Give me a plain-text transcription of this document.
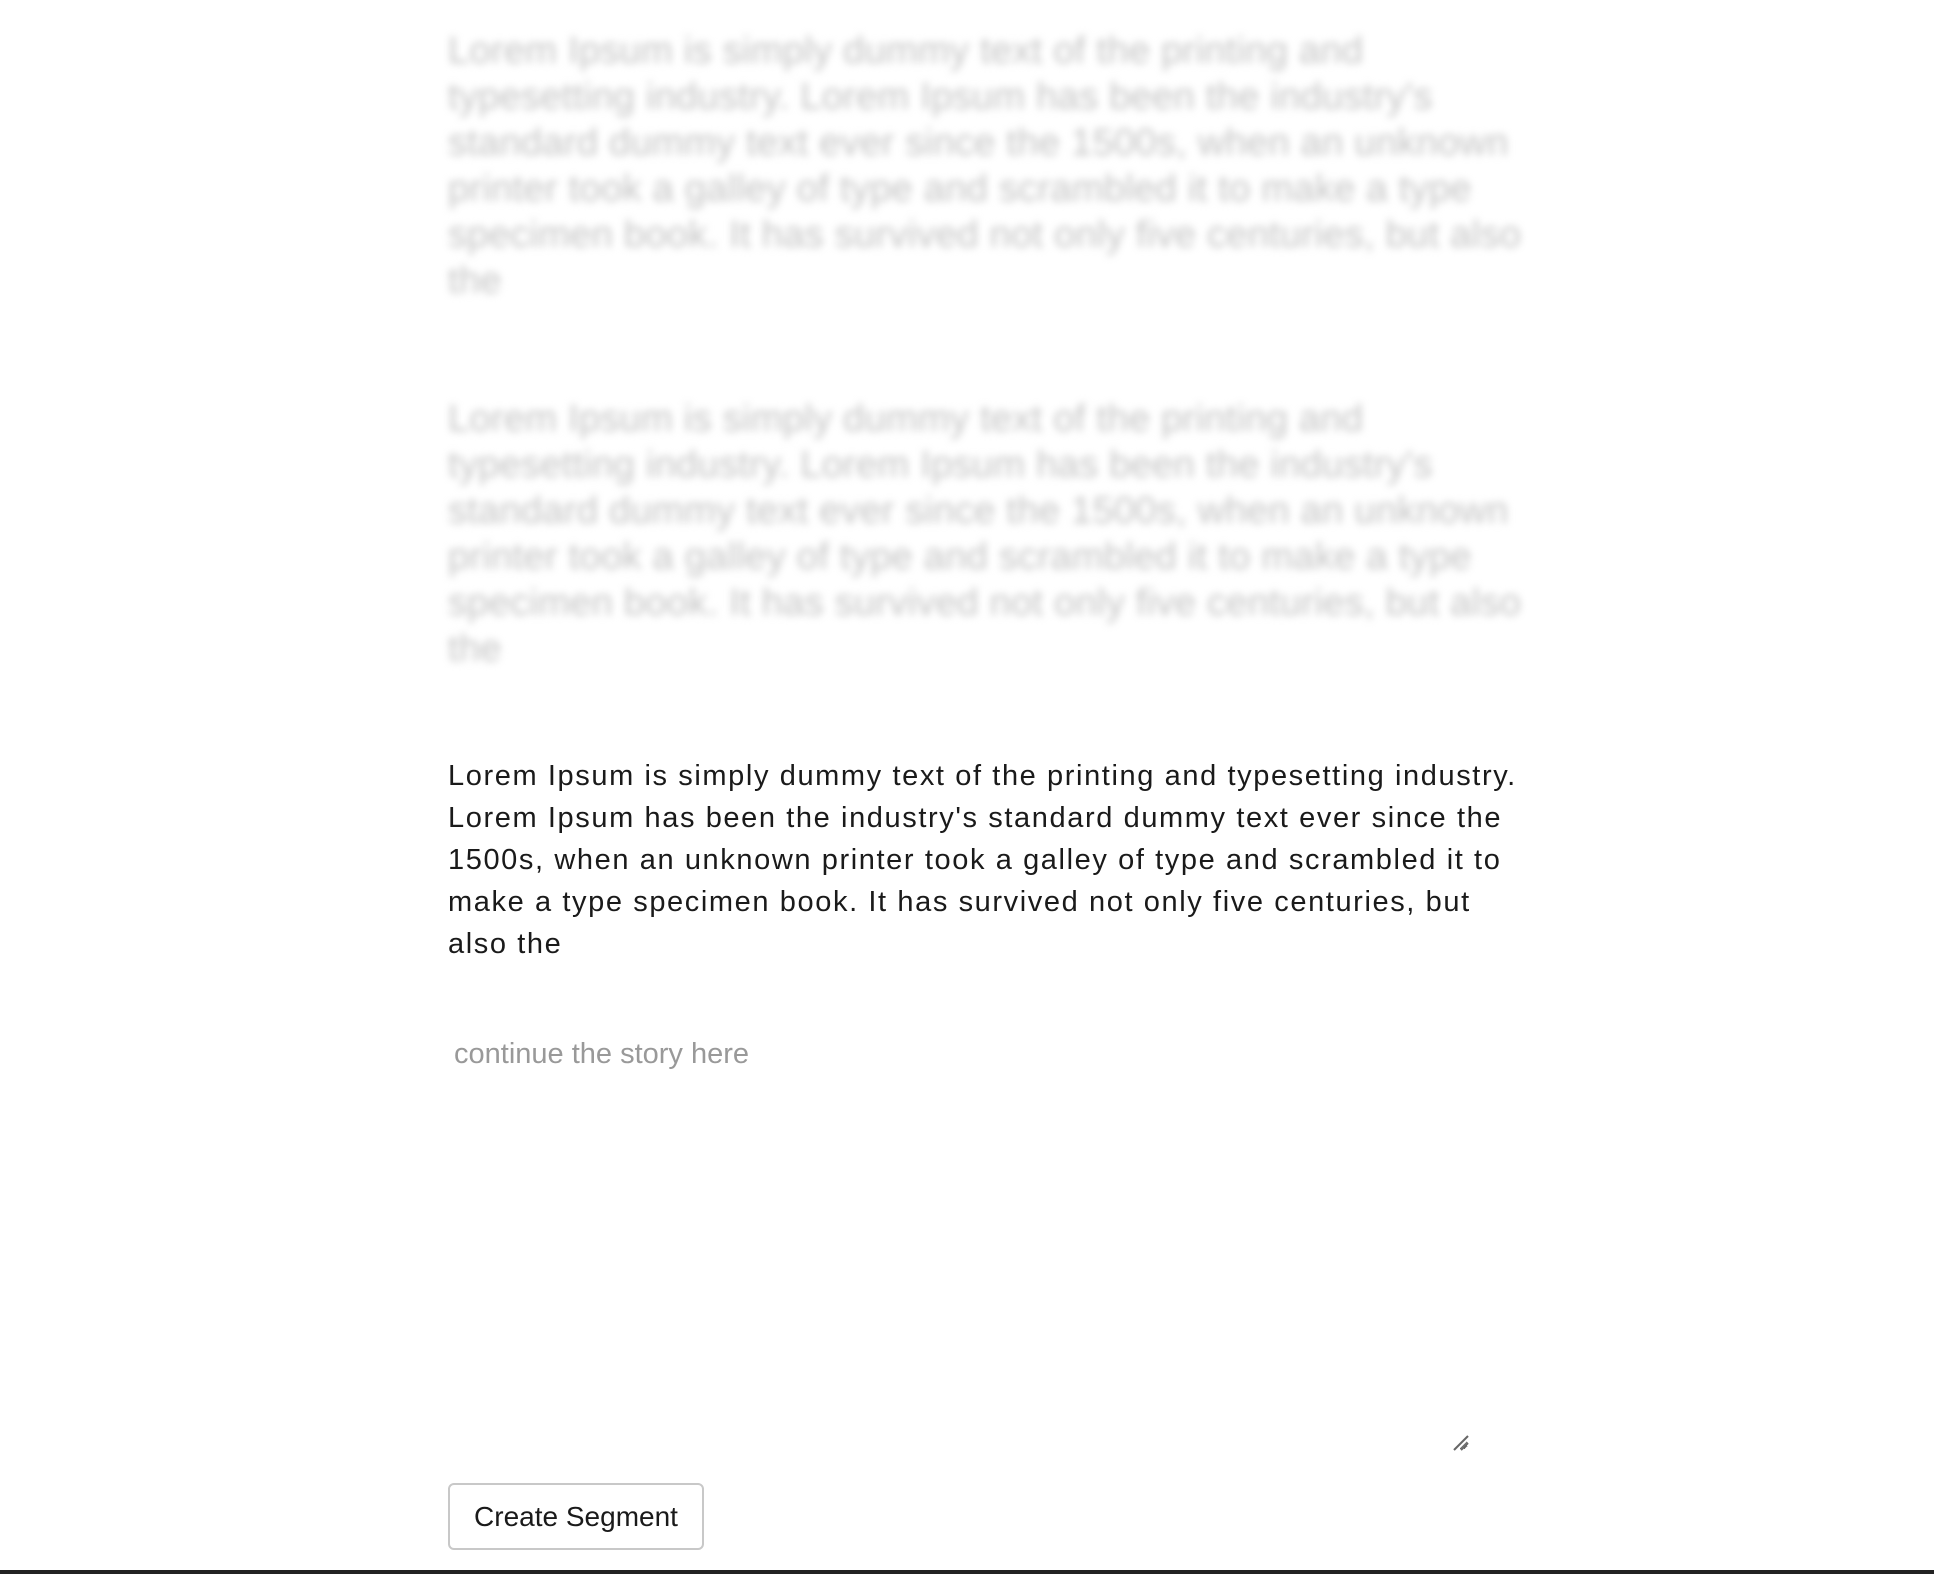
Lorem Ipsum is simply dummy text of the printing and typesetting industry. Lorem Ipsum has been the industry's standard dummy text ever since the 1500s, when an unknown printer took a galley of type and scrambled it to make a type specimen book. It has survived not only five centuries, but also the

Lorem Ipsum is simply dummy text of the printing and typesetting industry. Lorem Ipsum has been the industry's standard dummy text ever since the 1500s, when an unknown printer took a galley of type and scrambled it to make a type specimen book. It has survived not only five centuries, but also the

Lorem Ipsum is simply dummy text of the printing and typesetting industry. Lorem Ipsum has been the industry's standard dummy text ever since the 1500s, when an unknown printer took a galley of type and scrambled it to make a type specimen book. It has survived not only five centuries, but also the

continue the story here
Create Segment
